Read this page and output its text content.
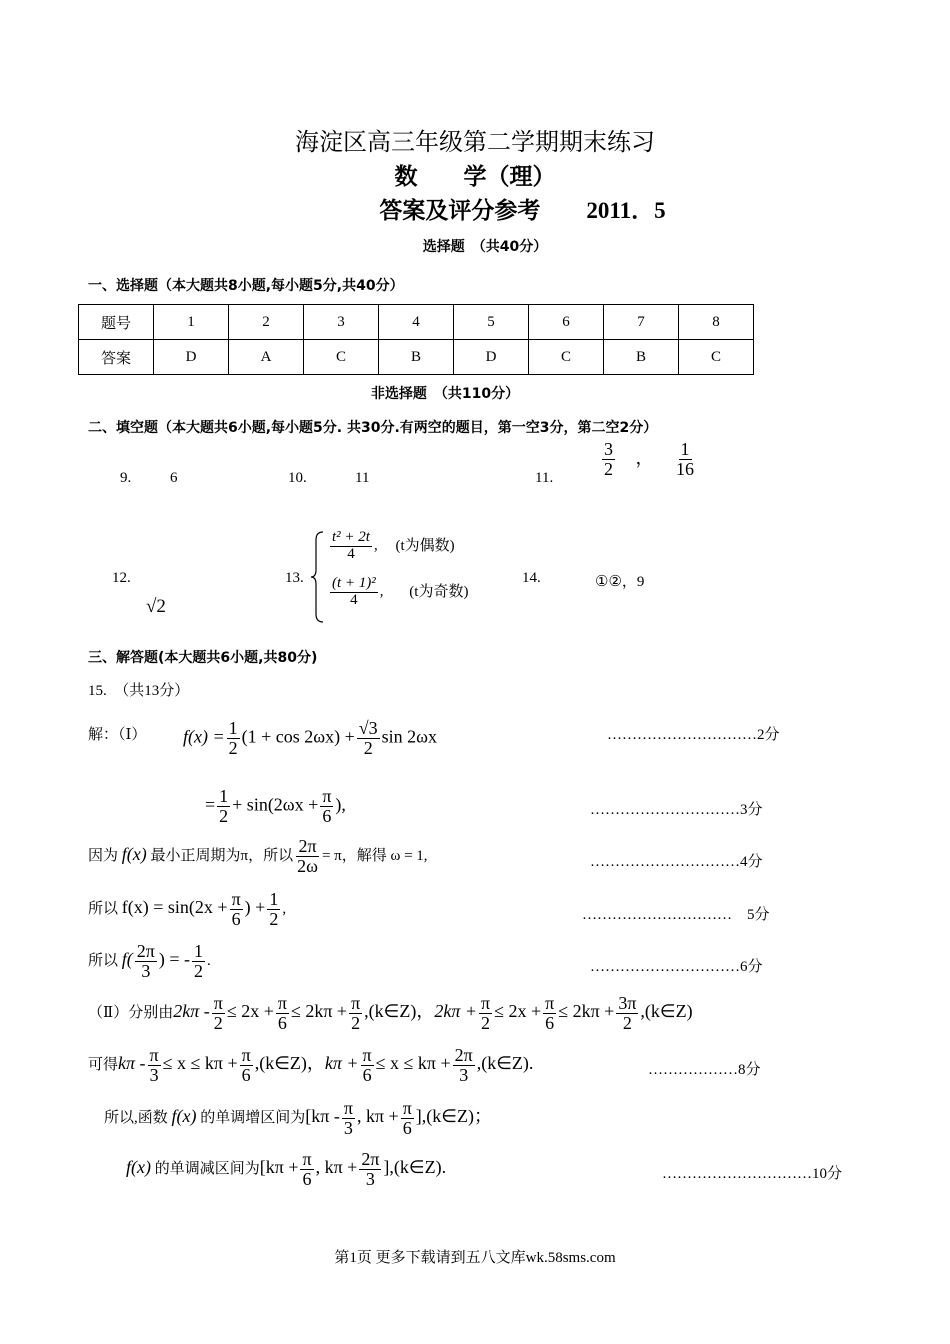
海淀区高三年级第二学期期末练习
数　　学（理）
答案及评分参考　　2011．5
选择题　（共40分）
一、选择题（本大题共8小题,每小题5分,共40分）
题号	1	2	3	4	5	6	7	8
答案	D	A	C	B	D	C	B	C
非选择题　（共110分）
二、填空题（本大题共6小题,每小题5分. 共30分.有两空的题目，第一空3分，第二空2分）
9.	6	10.	11	11.	$\frac{3}{2}$ ， $\frac{1}{16}$
12.
√2
13.
$\frac{\text{t² + 2t}}{4}$ , (t为偶数)
$\frac{\text{(t + 1)²}}{4}$ , (t为奇数)
14.	①②，9
三、解答题(本大题共6小题,共80分)
15.　（共13分）
解：（Ⅰ） $f(x) = \frac{1}{2} (1 + \cos 2\omega x) + \frac{√3}{2}$ sin 2ωx	…………………………2分
= $\frac{1}{2} + \sin(2\omega x + \frac{\pi}{6}$ ),	…………………………3分
因为 f(x) 最小正周期为π，所以 $\frac{2\pi}{2\omega} = \pi$，解得 ω = 1,	…………………………4分
所以 $f(x) = \sin(2x + \frac{\pi}{6}$ ) + $\frac{1}{2}$ ,	…………………………　5分
所以 $f( \frac{2\pi}{3}$ ) = - $\frac{1}{2}$ .	…………………………6分
（Ⅱ）分别由$2k\pi - \frac{\pi}{2} \le 2x + \frac{\pi}{6} \le 2k\pi + \frac{\pi}{2}$ ,(k∈Z)，$2k\pi + \frac{\pi}{2} \le 2x + \frac{\pi}{6} \le 2k\pi + \frac{3\pi}{2}$ ,(k∈Z)
可得$k\pi - \frac{\pi}{3} \le x \le k\pi + \frac{\pi}{6}$ ,(k∈Z)，$k\pi + \frac{\pi}{6} \le x \le k\pi + \frac{2\pi}{3}$ ,(k∈Z).	………………8分
所以,函数 f(x) 的单调增区间为[$k\pi - \frac{\pi}{3}$ , $k\pi + \frac{\pi}{6}$ ],(k∈Z)；
f(x) 的单调减区间为[$k\pi + \frac{\pi}{6}$ , $k\pi + \frac{2\pi}{3}$ ],(k∈Z).	…………………………10分
第1页 更多下载请到五八文库wk.58sms.com
